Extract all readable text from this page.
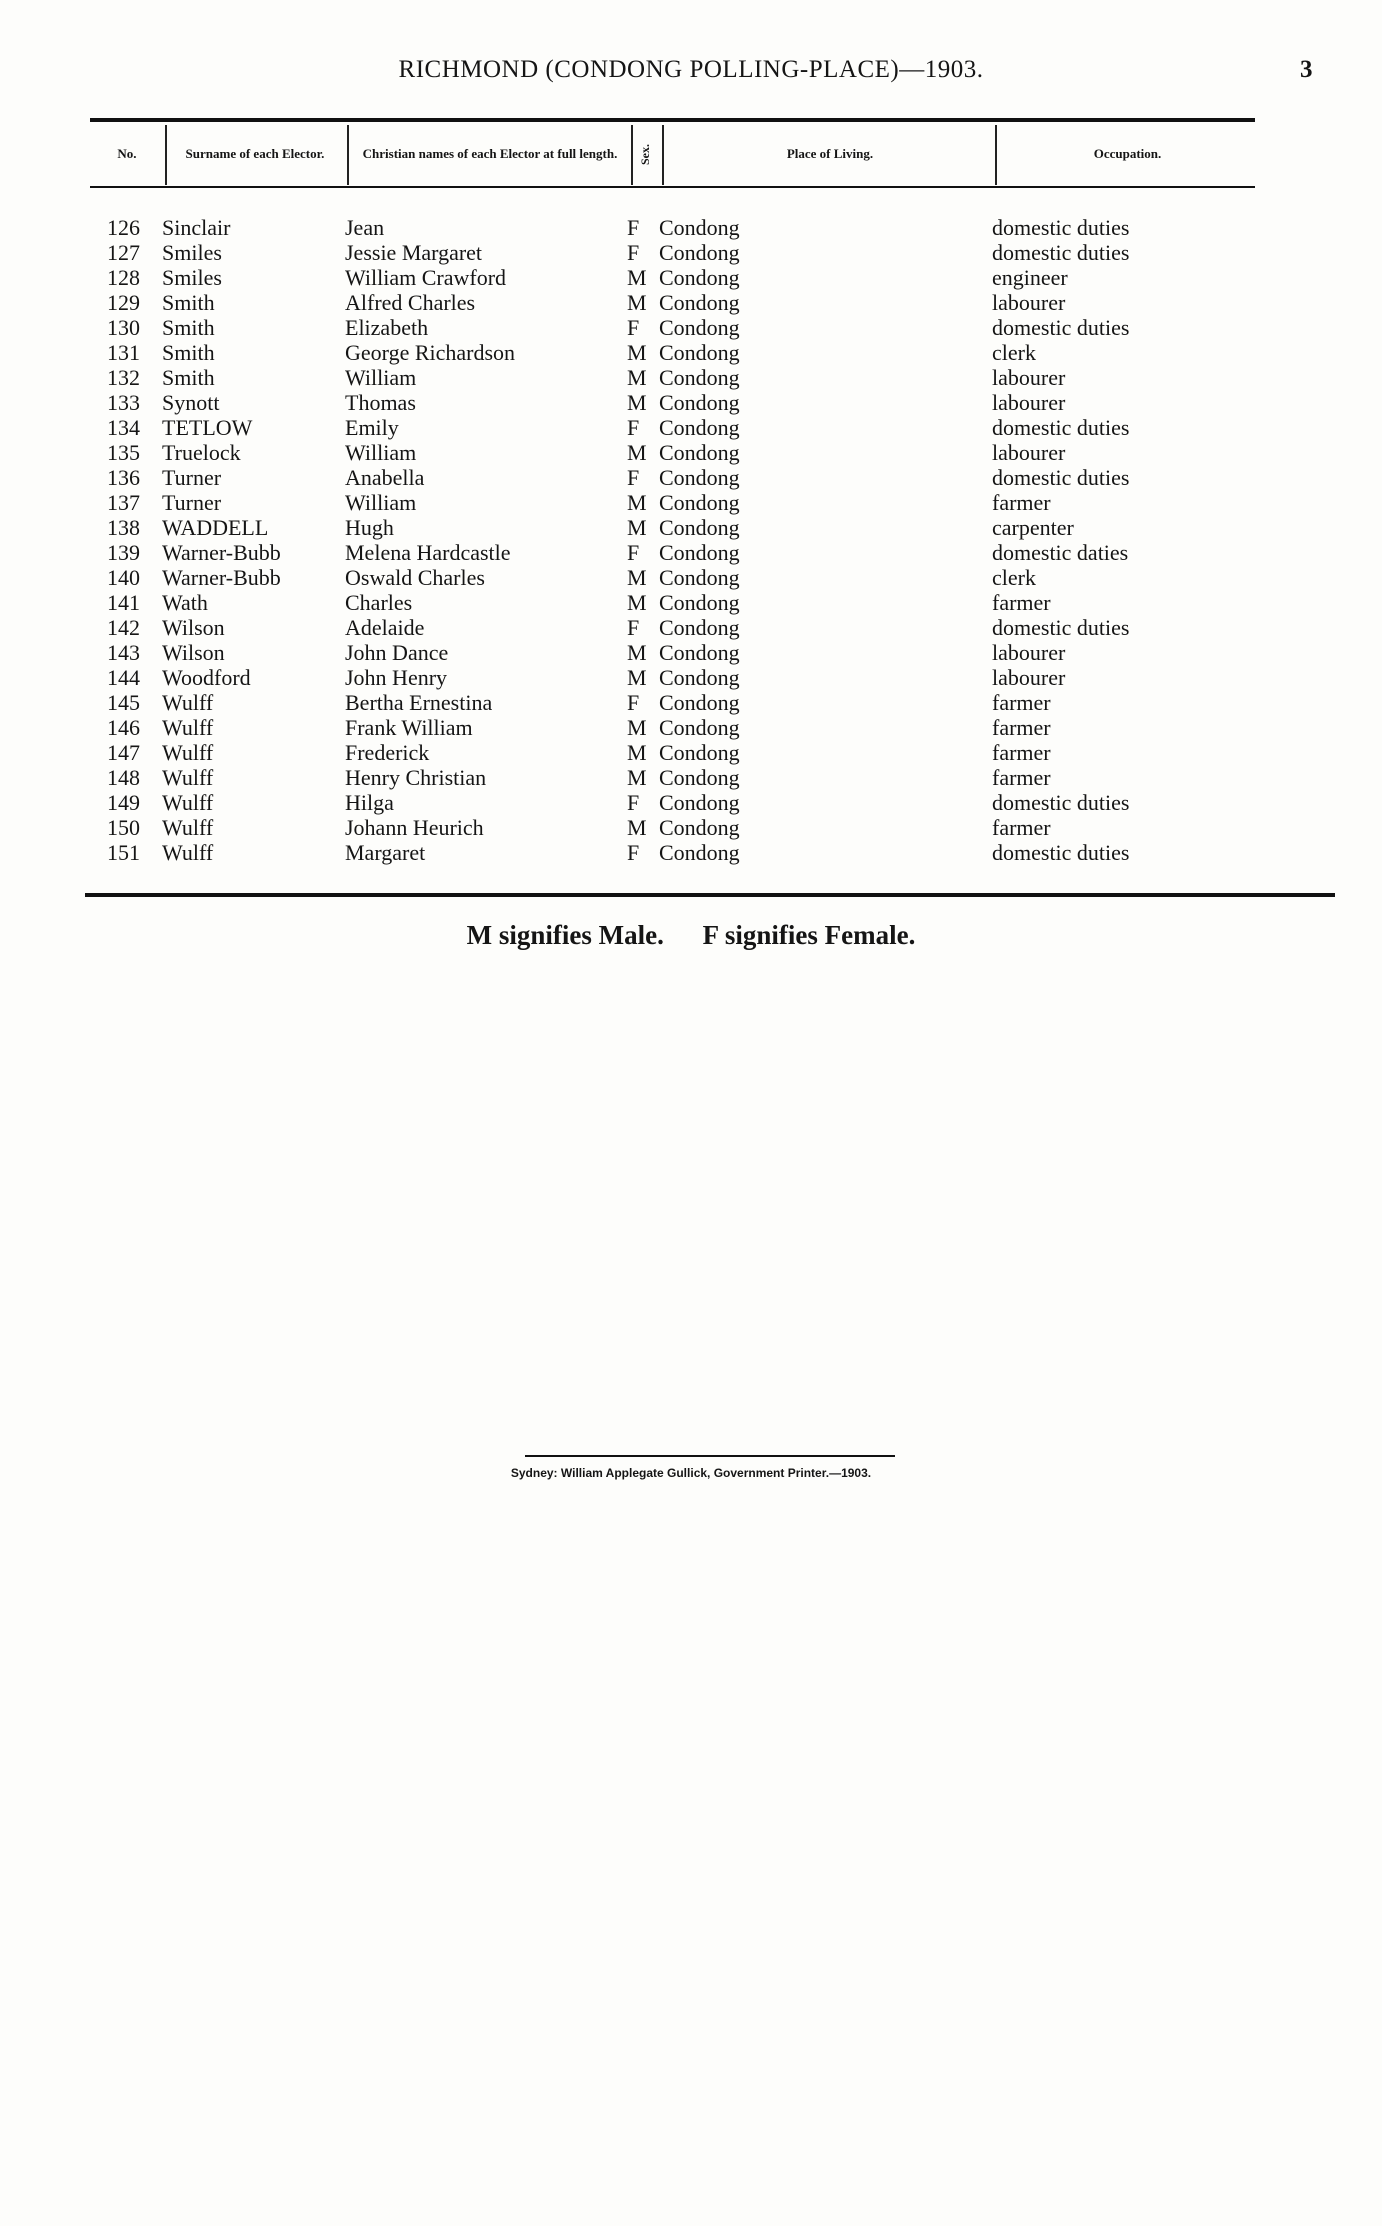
RICHMOND (CONDONG POLLING-PLACE)—1903.	3
No.	Surname of each Elector.	Christian names of each Elector at full length. Sex.	Place of Living.	Occupation.
126 Sinclair	Jean	F Condong	domestic duties
127 Smiles	Jessie Margaret	F Condong	domestic duties
128 Smiles	William Crawford	M Condong	engineer
129 Smith	Alfred Charles	M Condong	labourer
130 Smith	Elizabeth	F Condong	domestic duties
131 Smith	George Richardson	M Condong	clerk
132 Smith	William	M Condong	labourer
133 Synott	Thomas	M Condong	labourer
134 TETLOW	Emily	F Condong	domestic duties
135 Truelock	William	M Condong	labourer
136 Turner	Anabella	F Condong	domestic duties
137 Turner	William	M Condong	farmer
138 WADDELL	Hugh	M Condong	carpenter
139 Warner-Bubb	Melena Hardcastle	F Condong	domestic daties
140 Warner-Bubb	Oswald Charles	M Condong	clerk
141 Wath	Charles	M Condong	farmer
142 Wilson	Adelaide	F Condong	domestic duties
143 Wilson	John Dance	M Condong	labourer
144 Woodford	John Henry	M Condong	labourer
145 Wulff	Bertha Ernestina	F Condong	farmer
146 Wulff	Frank William	M Condong	farmer
147 Wulff	Frederick	M Condong	farmer
148 Wulff	Henry Christian	M Condong	farmer
149 Wulff	Hilga	F Condong	domestic duties
150 Wulff	Johann Heurich	M Condong	farmer
151 Wulff	Margaret	F Condong	domestic duties
M signifies Male. F signifies Female.
Sydney: William Applegate Gullick, Government Printer.—1903.
